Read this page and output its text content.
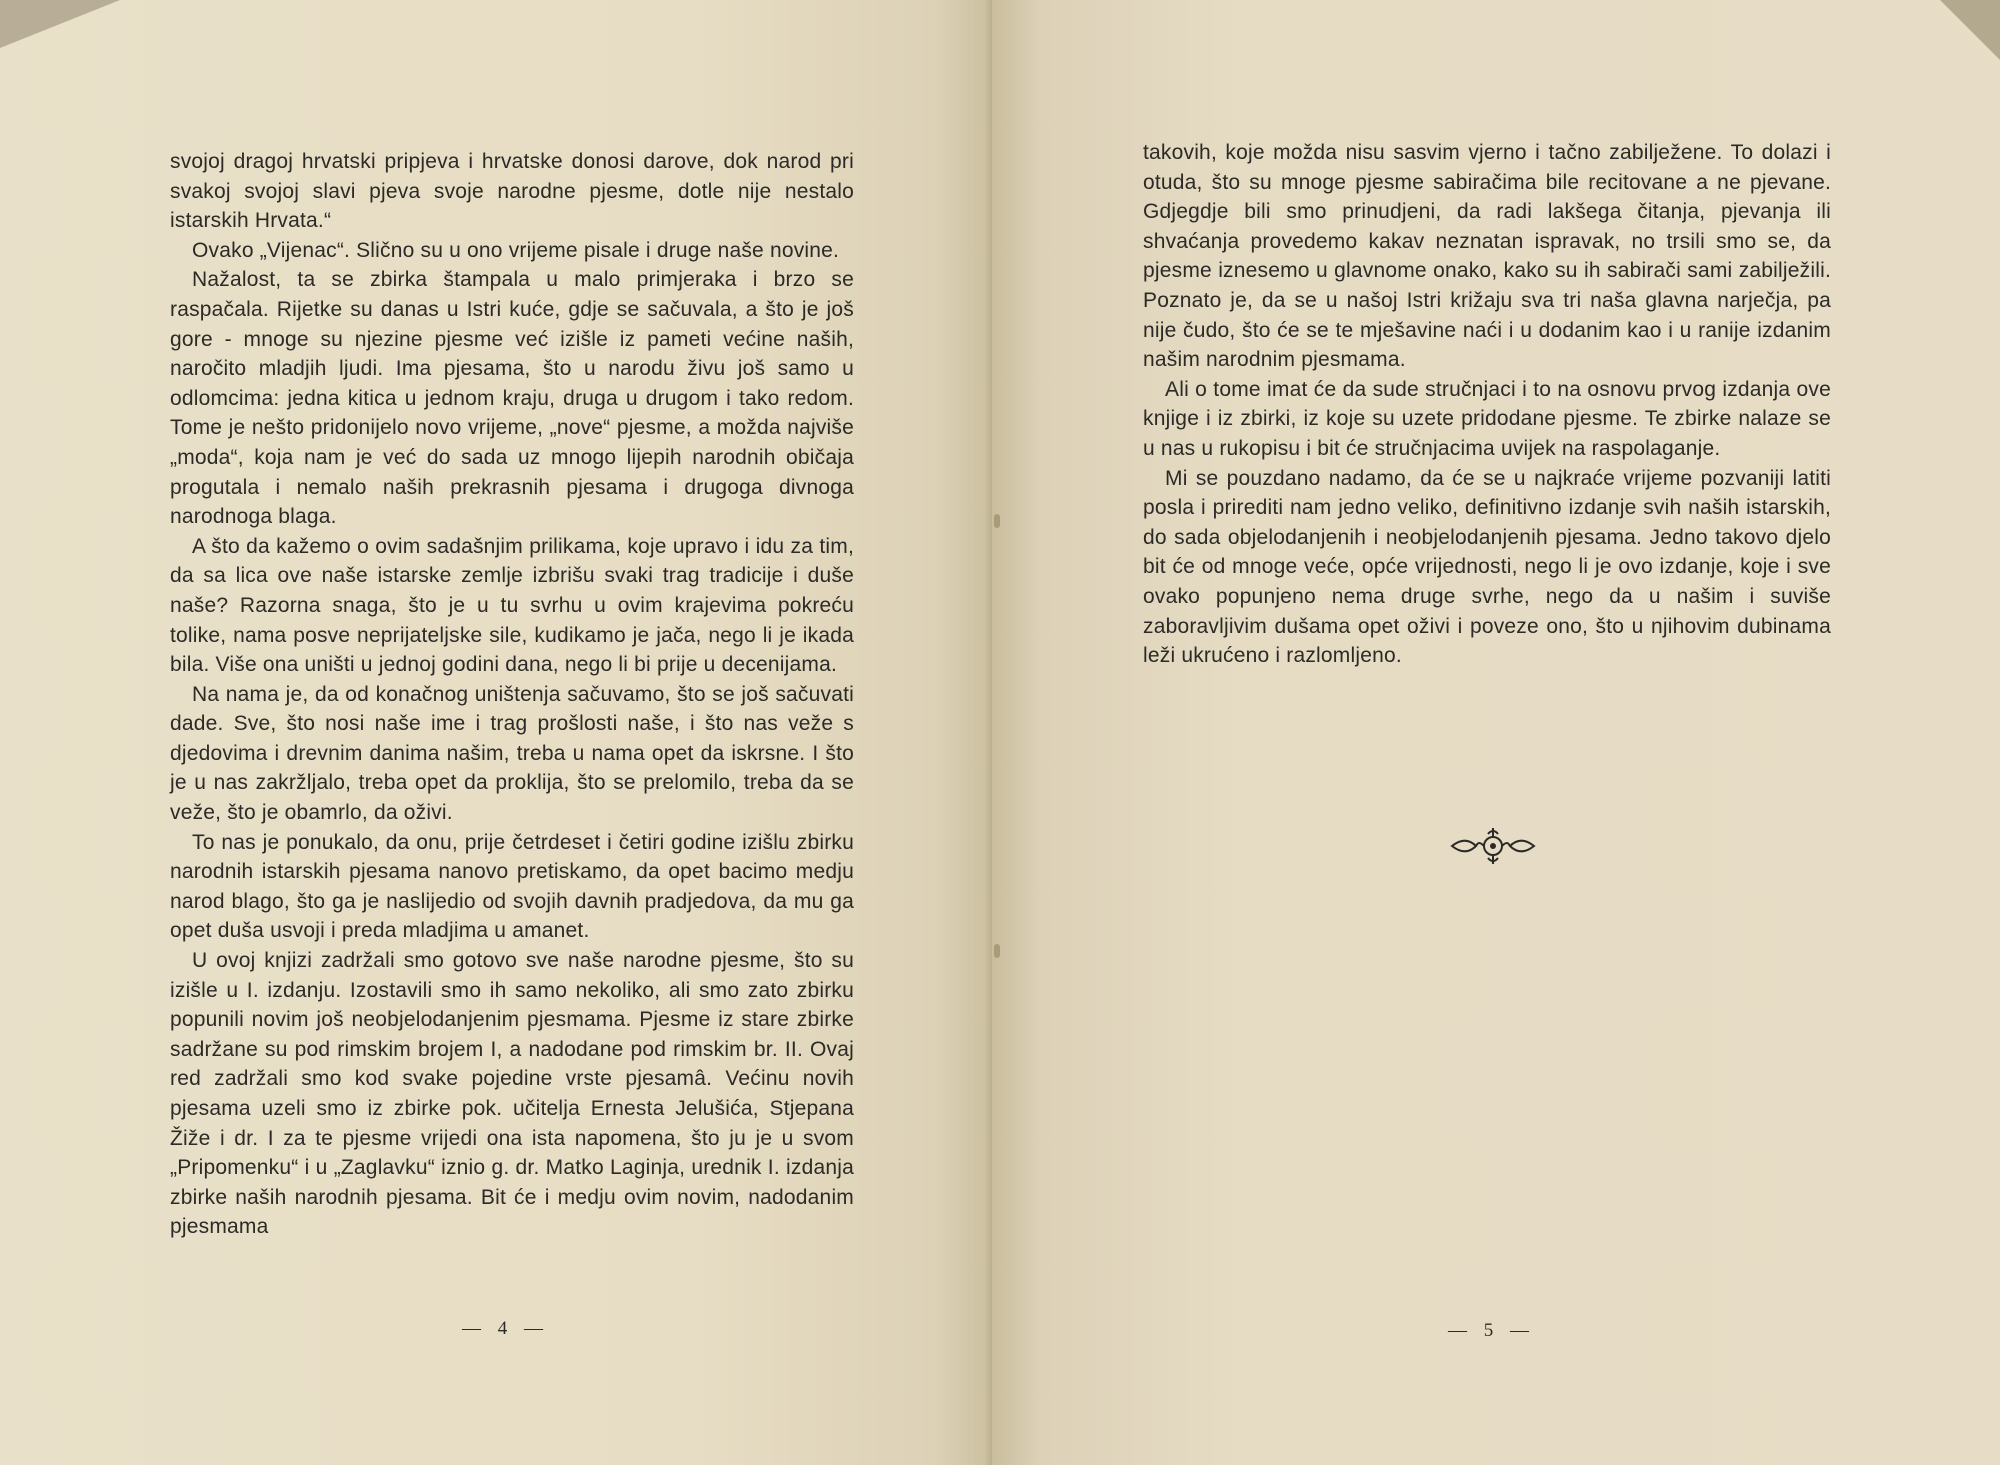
svojoj dragoj hrvatski pripjeva i hrvatske donosi darove, dok narod pri svakoj svojoj slavi pjeva svoje narodne pjesme, dotle nije nestalo istarskih Hrvata.“

Ovako „Vijenac“. Slično su u ono vrijeme pisale i druge naše novine.

Nažalost, ta se zbirka štampala u malo primjeraka i brzo se raspačala. Rijetke su danas u Istri kuće, gdje se sačuvala, a što je još gore - mnoge su njezine pjesme već izišle iz pameti većine naših, naročito mladjih ljudi. Ima pjesama, što u narodu živu još samo u odlomcima: jedna kitica u jednom kraju, druga u drugom i tako redom. Tome je nešto pridonijelo novo vrijeme, „nove“ pjesme, a možda najviše „moda“, koja nam je već do sada uz mnogo lijepih narodnih običaja progutala i nemalo naših prekrasnih pjesama i drugoga divnoga narodnoga blaga.

A što da kažemo o ovim sadašnjim prilikama, koje upravo i idu za tim, da sa lica ove naše istarske zemlje izbrišu svaki trag tradicije i duše naše? Razorna snaga, što je u tu svrhu u ovim krajevima pokreću tolike, nama posve neprijateljske sile, kudikamo je jača, nego li je ikada bila. Više ona uništi u jednoj godini dana, nego li bi prije u decenijama.

Na nama je, da od konačnog uništenja sačuvamo, što se još sačuvati dade. Sve, što nosi naše ime i trag prošlosti naše, i što nas veže s djedovima i drevnim danima našim, treba u nama opet da iskrsne. I što je u nas zakržljalo, treba opet da proklija, što se prelomilo, treba da se veže, što je obamrlo, da oživi.

To nas je ponukalo, da onu, prije četrdeset i četiri godine izišlu zbirku narodnih istarskih pjesama nanovo pretiskamo, da opet bacimo medju narod blago, što ga je naslijedio od svojih davnih pradjedova, da mu ga opet duša usvoji i preda mladjima u amanet.

U ovoj knjizi zadržali smo gotovo sve naše narodne pjesme, što su izišle u I. izdanju. Izostavili smo ih samo nekoliko, ali smo zato zbirku popunili novim još neobjelodanjenim pjesmama. Pjesme iz stare zbirke sadržane su pod rimskim brojem I, a nadodane pod rimskim br. II. Ovaj red zadržali smo kod svake pojedine vrste pjesamâ. Većinu novih pjesama uzeli smo iz zbirke pok. učitelja Ernesta Jelušića, Stjepana Žiže i dr. I za te pjesme vrijedi ona ista napomena, što ju je u svom „Pripomenku“ i u „Zaglavku“ iznio g. dr. Matko Laginja, urednik I. izdanja zbirke naših narodnih pjesama. Bit će i medju ovim novim, nadodanim pjesmama

— 4 —

takovih, koje možda nisu sasvim vjerno i tačno zabilježene. To dolazi i otuda, što su mnoge pjesme sabiračima bile recitovane a ne pjevane. Gdjegdje bili smo prinudjeni, da radi lakšega čitanja, pjevanja ili shvaćanja provedemo kakav neznatan ispravak, no trsili smo se, da pjesme iznesemo u glavnome onako, kako su ih sabirači sami zabilježili. Poznato je, da se u našoj Istri križaju sva tri naša glavna narječja, pa nije čudo, što će se te mješavine naći i u dodanim kao i u ranije izdanim našim narodnim pjesmama.

Ali o tome imat će da sude stručnjaci i to na osnovu prvog izdanja ove knjige i iz zbirki, iz koje su uzete pridodane pjesme. Te zbirke nalaze se u nas u rukopisu i bit će stručnjacima uvijek na raspolaganje.

Mi se pouzdano nadamo, da će se u najkraće vrijeme pozvaniji latiti posla i prirediti nam jedno veliko, definitivno izdanje svih naših istarskih, do sada objelodanjenih i neobjelodanjenih pjesama. Jedno takovo djelo bit će od mnoge veće, opće vrijednosti, nego li je ovo izdanje, koje i sve ovako popunjeno nema druge svrhe, nego da u našim i suviše zaboravljivim dušama opet oživi i poveze ono, što u njihovim dubinama leži ukrućeno i razlomljeno.

— 5 —
